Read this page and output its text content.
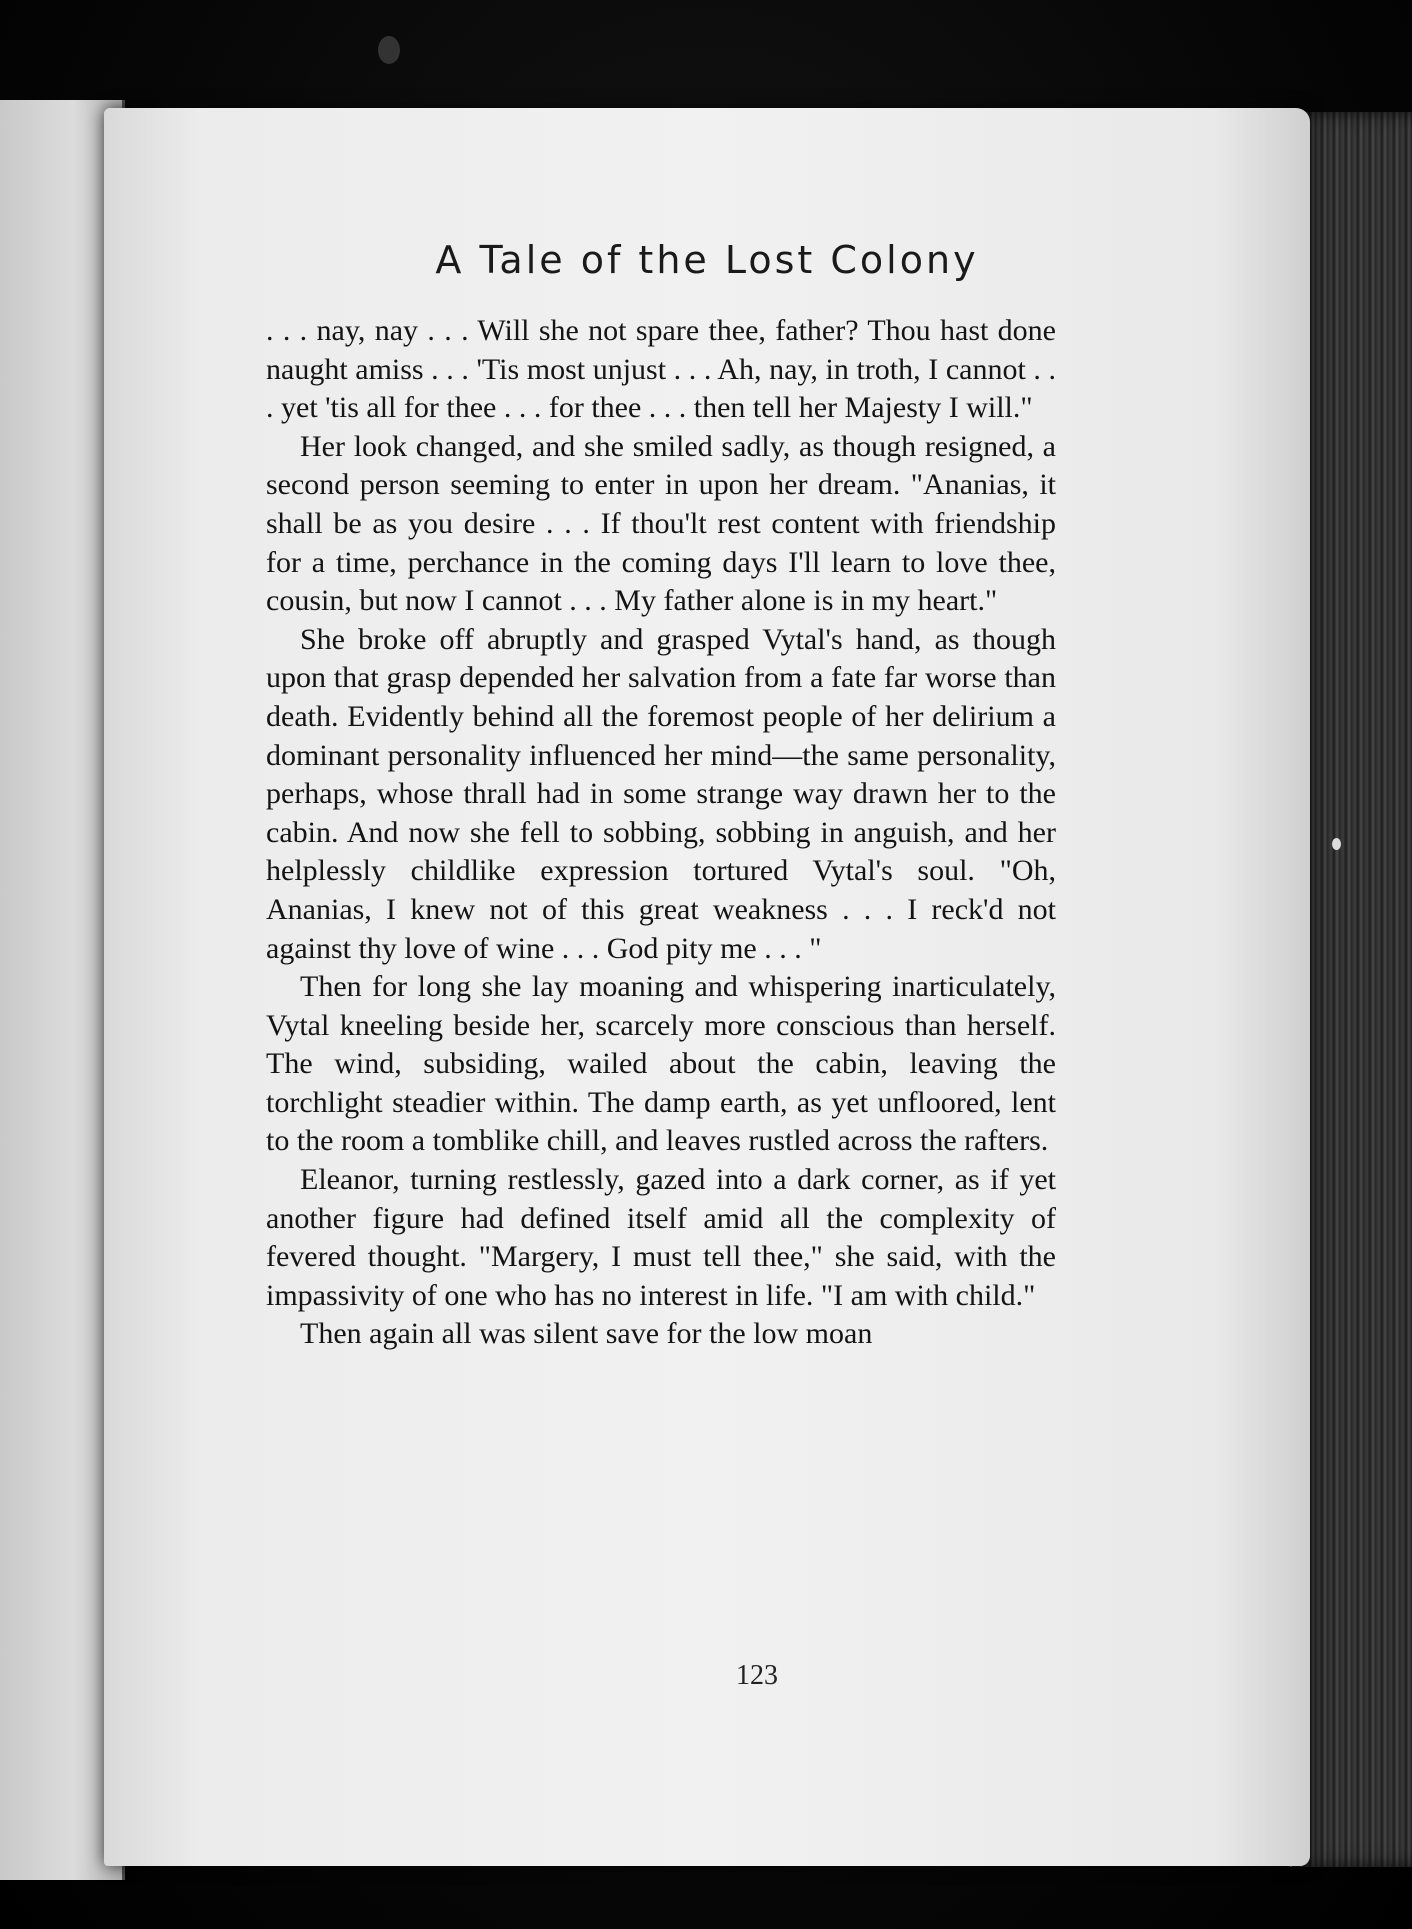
A Tale of the Lost Colony

. . . nay, nay . . . Will she not spare thee, father? Thou hast done naught amiss . . . 'Tis most unjust . . . Ah, nay, in troth, I cannot . . . yet 'tis all for thee . . . for thee . . . then tell her Majesty I will."

Her look changed, and she smiled sadly, as though resigned, a second person seeming to enter in upon her dream. "Ananias, it shall be as you desire . . . If thou'lt rest content with friendship for a time, perchance in the coming days I'll learn to love thee, cousin, but now I cannot . . . My father alone is in my heart."

She broke off abruptly and grasped Vytal's hand, as though upon that grasp depended her salvation from a fate far worse than death. Evidently behind all the foremost people of her delirium a dominant personality influenced her mind—the same personality, perhaps, whose thrall had in some strange way drawn her to the cabin. And now she fell to sobbing, sobbing in anguish, and her helplessly childlike expression tortured Vytal's soul. "Oh, Ananias, I knew not of this great weakness . . . I reck'd not against thy love of wine . . . God pity me . . . "

Then for long she lay moaning and whispering inarticulately, Vytal kneeling beside her, scarcely more conscious than herself. The wind, subsiding, wailed about the cabin, leaving the torchlight steadier within. The damp earth, as yet unfloored, lent to the room a tomblike chill, and leaves rustled across the rafters.

Eleanor, turning restlessly, gazed into a dark corner, as if yet another figure had defined itself amid all the complexity of fevered thought. "Margery, I must tell thee," she said, with the impassivity of one who has no interest in life. "I am with child."

Then again all was silent save for the low moan

123
